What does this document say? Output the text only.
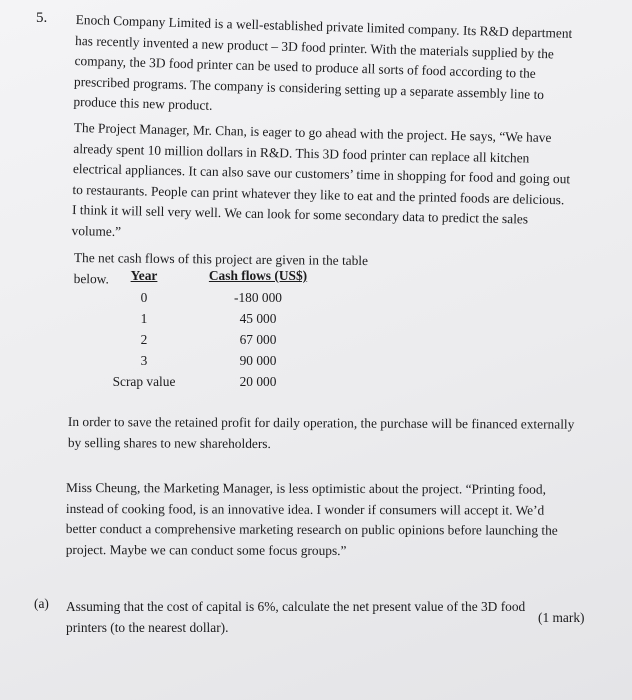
5. Enoch Company Limited is a well-established private limited company. Its R&D department has recently invented a new product – 3D food printer. With the materials supplied by the company, the 3D food printer can be used to produce all sorts of food according to the prescribed programs. The company is considering setting up a separate assembly line to produce this new product.

The Project Manager, Mr. Chan, is eager to go ahead with the project. He says, “We have already spent 10 million dollars in R&D. This 3D food printer can replace all kitchen electrical appliances. It can also save our customers’ time in shopping for food and going out to restaurants. People can print whatever they like to eat and the printed foods are delicious. I think it will sell very well. We can look for some secondary data to predict the sales volume.”

The net cash flows of this project are given in the table below.	Year		Cash flows (US$)
0		-180 000
1		45 000
2		67 000
3		90 000
Scrap value		20 000

In order to save the retained profit for daily operation, the purchase will be financed externally by selling shares to new shareholders.

Miss Cheung, the Marketing Manager, is less optimistic about the project. “Printing food, instead of cooking food, is an innovative idea. I wonder if consumers will accept it. We’d better conduct a comprehensive marketing research on public opinions before launching the project. Maybe we can conduct some focus groups.”

(a) Assuming that the cost of capital is 6%, calculate the net present value of the 3D food printers (to the nearest dollar).

(1 mark)
